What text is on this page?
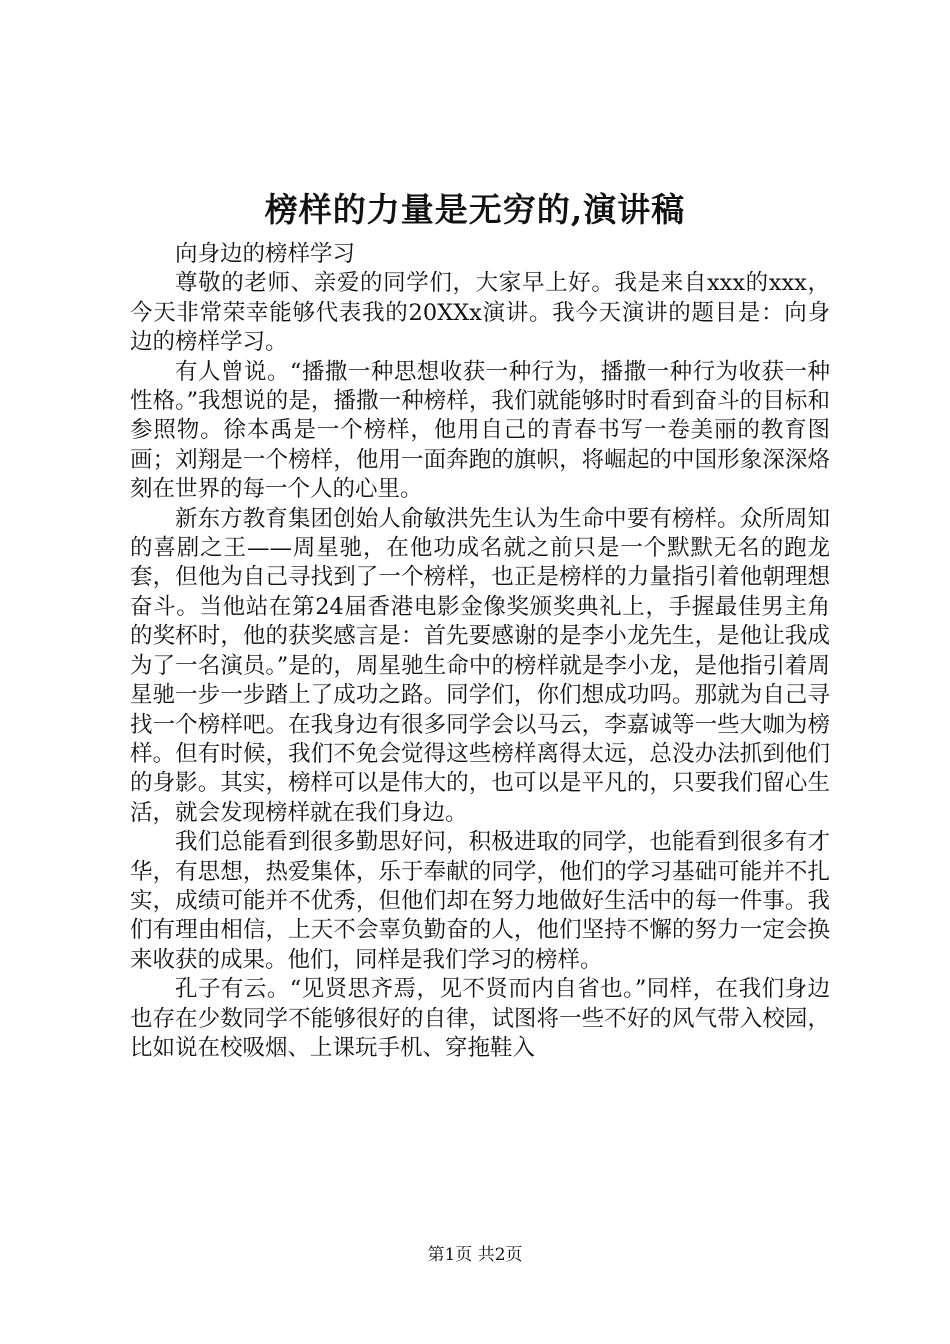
榜样的力量是无穷的,演讲稿

向身边的榜样学习

尊敬的老师、亲爱的同学们，大家早上好。我是来自xxx的xxx，今天非常荣幸能够代表我的20XXx演讲。我今天演讲的题目是：向身边的榜样学习。

有人曾说。“播撒一种思想收获一种行为，播撒一种行为收获一种性格。”我想说的是，播撒一种榜样，我们就能够时时看到奋斗的目标和参照物。徐本禹是一个榜样，他用自己的青春书写一卷美丽的教育图画；刘翔是一个榜样，他用一面奔跑的旗帜，将崛起的中国形象深深烙刻在世界的每一个人的心里。

新东方教育集团创始人俞敏洪先生认为生命中要有榜样。众所周知的喜剧之王——周星驰，在他功成名就之前只是一个默默无名的跑龙套，但他为自己寻找到了一个榜样，也正是榜样的力量指引着他朝理想奋斗。当他站在第24届香港电影金像奖颁奖典礼上，手握最佳男主角的奖杯时，他的获奖感言是：首先要感谢的是李小龙先生，是他让我成为了一名演员。”是的，周星驰生命中的榜样就是李小龙，是他指引着周星驰一步一步踏上了成功之路。同学们，你们想成功吗。那就为自己寻找一个榜样吧。在我身边有很多同学会以马云，李嘉诚等一些大咖为榜样。但有时候，我们不免会觉得这些榜样离得太远，总没办法抓到他们的身影。其实，榜样可以是伟大的，也可以是平凡的，只要我们留心生活，就会发现榜样就在我们身边。

我们总能看到很多勤思好问，积极进取的同学，也能看到很多有才华，有思想，热爱集体，乐于奉献的同学，他们的学习基础可能并不扎实，成绩可能并不优秀，但他们却在努力地做好生活中的每一件事。我们有理由相信，上天不会辜负勤奋的人，他们坚持不懈的努力一定会换来收获的成果。他们，同样是我们学习的榜样。

孔子有云。“见贤思齐焉，见不贤而内自省也。”同样，在我们身边也存在少数同学不能够很好的自律，试图将一些不好的风气带入校园，比如说在校吸烟、上课玩手机、穿拖鞋入

第1页 共2页
